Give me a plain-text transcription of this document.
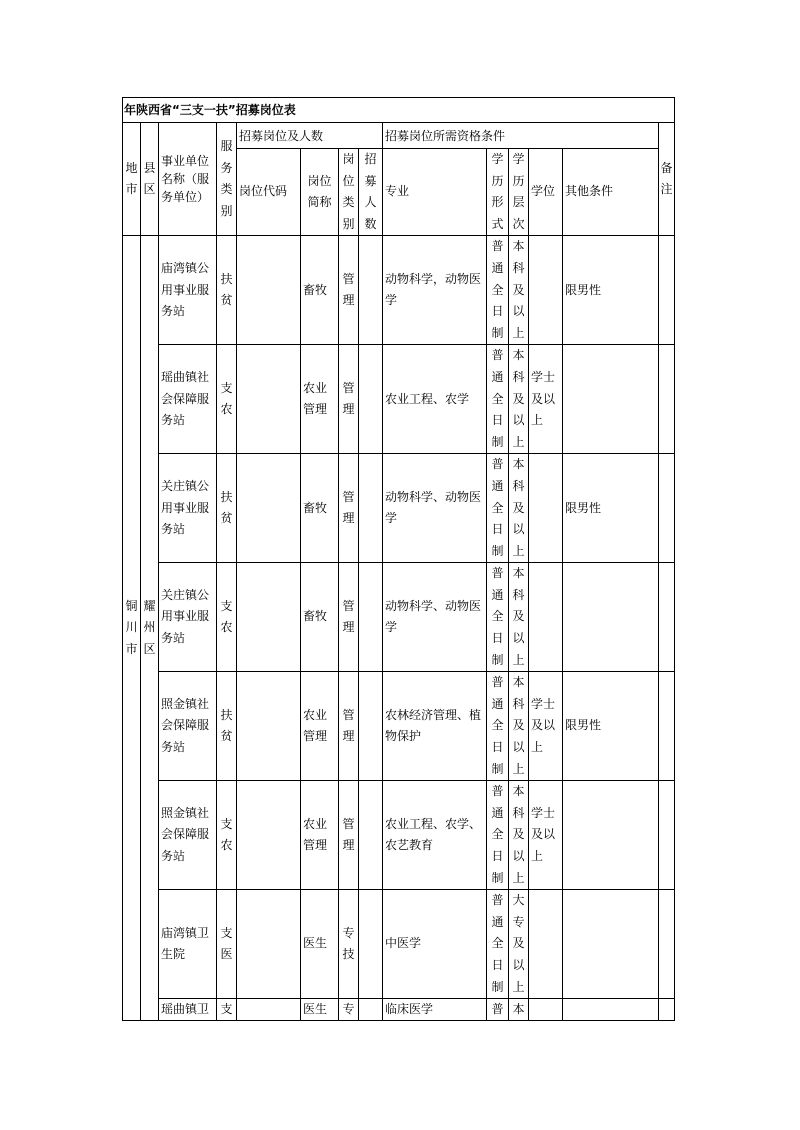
年陕西省“三支一扶”招募岗位表													
地市	县区	事业单位名称（服务单位）	服务类别	招募岗位及人数				招募岗位所需资格条件					备注
				岗位代码	岗位简称	岗位类别	招募人数	专业	学历形式	学历层次	学位	其他条件	
铜川市	耀州区	庙湾镇公用事业服务站	扶贫		畜牧	管理		动物科学，动物医学	普通全日制	本科及以上		限男性	
		瑶曲镇社会保障服务站	支农		农业管理	管理		农业工程、农学	普通全日制	本科及以上	学士及以上		
		关庄镇公用事业服务站	扶贫		畜牧	管理		动物科学、动物医学	普通全日制	本科及以上		限男性	
		关庄镇公用事业服务站	支农		畜牧	管理		动物科学、动物医学	普通全日制	本科及以上			
		照金镇社会保障服务站	扶贫		农业管理	管理		农林经济管理、植物保护	普通全日制	本科及以上	学士及以上	限男性	
		照金镇社会保障服务站	支农		农业管理	管理		农业工程、农学、农艺教育	普通全日制	本科及以上	学士及以上		
		庙湾镇卫生院	支医		医生	专技		中医学	普通全日制	大专及以上			
		瑶曲镇卫	支		医生	专		临床医学	普	本			
